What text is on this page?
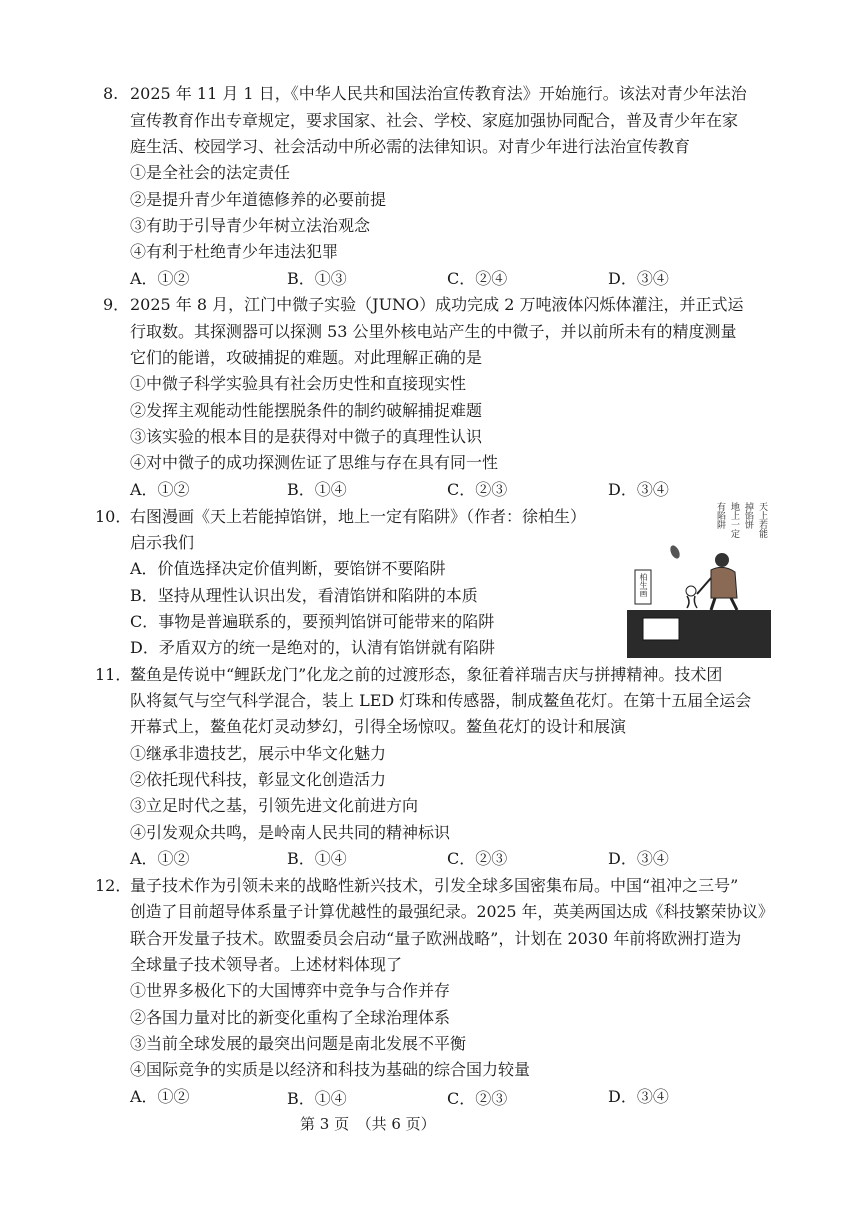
8. 2025 年 11 月 1 日，《中华人民共和国法治宣传教育法》开始施行。该法对青少年法治
宣传教育作出专章规定，要求国家、社会、学校、家庭加强协同配合，普及青少年在家
庭生活、校园学习、社会活动中所必需的法律知识。对青少年进行法治宣传教育
①是全社会的法定责任
②是提升青少年道德修养的必要前提
③有助于引导青少年树立法治观念
④有利于杜绝青少年违法犯罪
A．①②	B．①③	C．②④	D．③④
9． 2025 年 8 月，江门中微子实验（JUNO）成功完成 2 万吨液体闪烁体灌注，并正式运
行取数。其探测器可以探测 53 公里外核电站产生的中微子，并以前所未有的精度测量
它们的能谱，攻破捕捉的难题。对此理解正确的是
①中微子科学实验具有社会历史性和直接现实性
②发挥主观能动性能摆脱条件的制约破解捕捉难题
③该实验的根本目的是获得对中微子的真理性认识
④对中微子的成功探测佐证了思维与存在具有同一性
A．①②	B．①④	C．②③	D．③④
10．
右图漫画《天上若能掉馅饼，地上一定有陷阱》（作者：徐柏生）
启示我们
A．价值选择决定价值判断，要馅饼不要陷阱
B．坚持从理性认识出发，看清馅饼和陷阱的本质
C．事物是普遍联系的，要预判馅饼可能带来的陷阱
D．矛盾双方的统一是绝对的，认清有馅饼就有陷阱
天上若能
掉馅饼
地上一定
有陷阱
柏生画
11．
鳌鱼是传说中“鲤跃龙门”化龙之前的过渡形态，象征着祥瑞吉庆与拼搏精神。技术团
队将氦气与空气科学混合，装上 LED 灯珠和传感器，制成鳌鱼花灯。在第十五届全运会
开幕式上，鳌鱼花灯灵动梦幻，引得全场惊叹。鳌鱼花灯的设计和展演
①继承非遗技艺，展示中华文化魅力
②依托现代科技，彰显文化创造活力
③立足时代之基，引领先进文化前进方向
④引发观众共鸣，是岭南人民共同的精神标识
A．①②	B．①④	C．②③	D．③④
12．
量子技术作为引领未来的战略性新兴技术，引发全球多国密集布局。中国“祖冲之三号”
创造了目前超导体系量子计算优越性的最强纪录。2025 年，英美两国达成《科技繁荣协议》
联合开发量子技术。欧盟委员会启动“量子欧洲战略”，计划在 2030 年前将欧洲打造为
全球量子技术领导者。上述材料体现了
①世界多极化下的大国博弈中竞争与合作并存
②各国力量对比的新变化重构了全球治理体系
③当前全球发展的最突出问题是南北发展不平衡
④国际竞争的实质是以经济和科技为基础的综合国力较量
A．①②	B．①④	C．②③	D．③④
第 3 页　（共 6 页）
